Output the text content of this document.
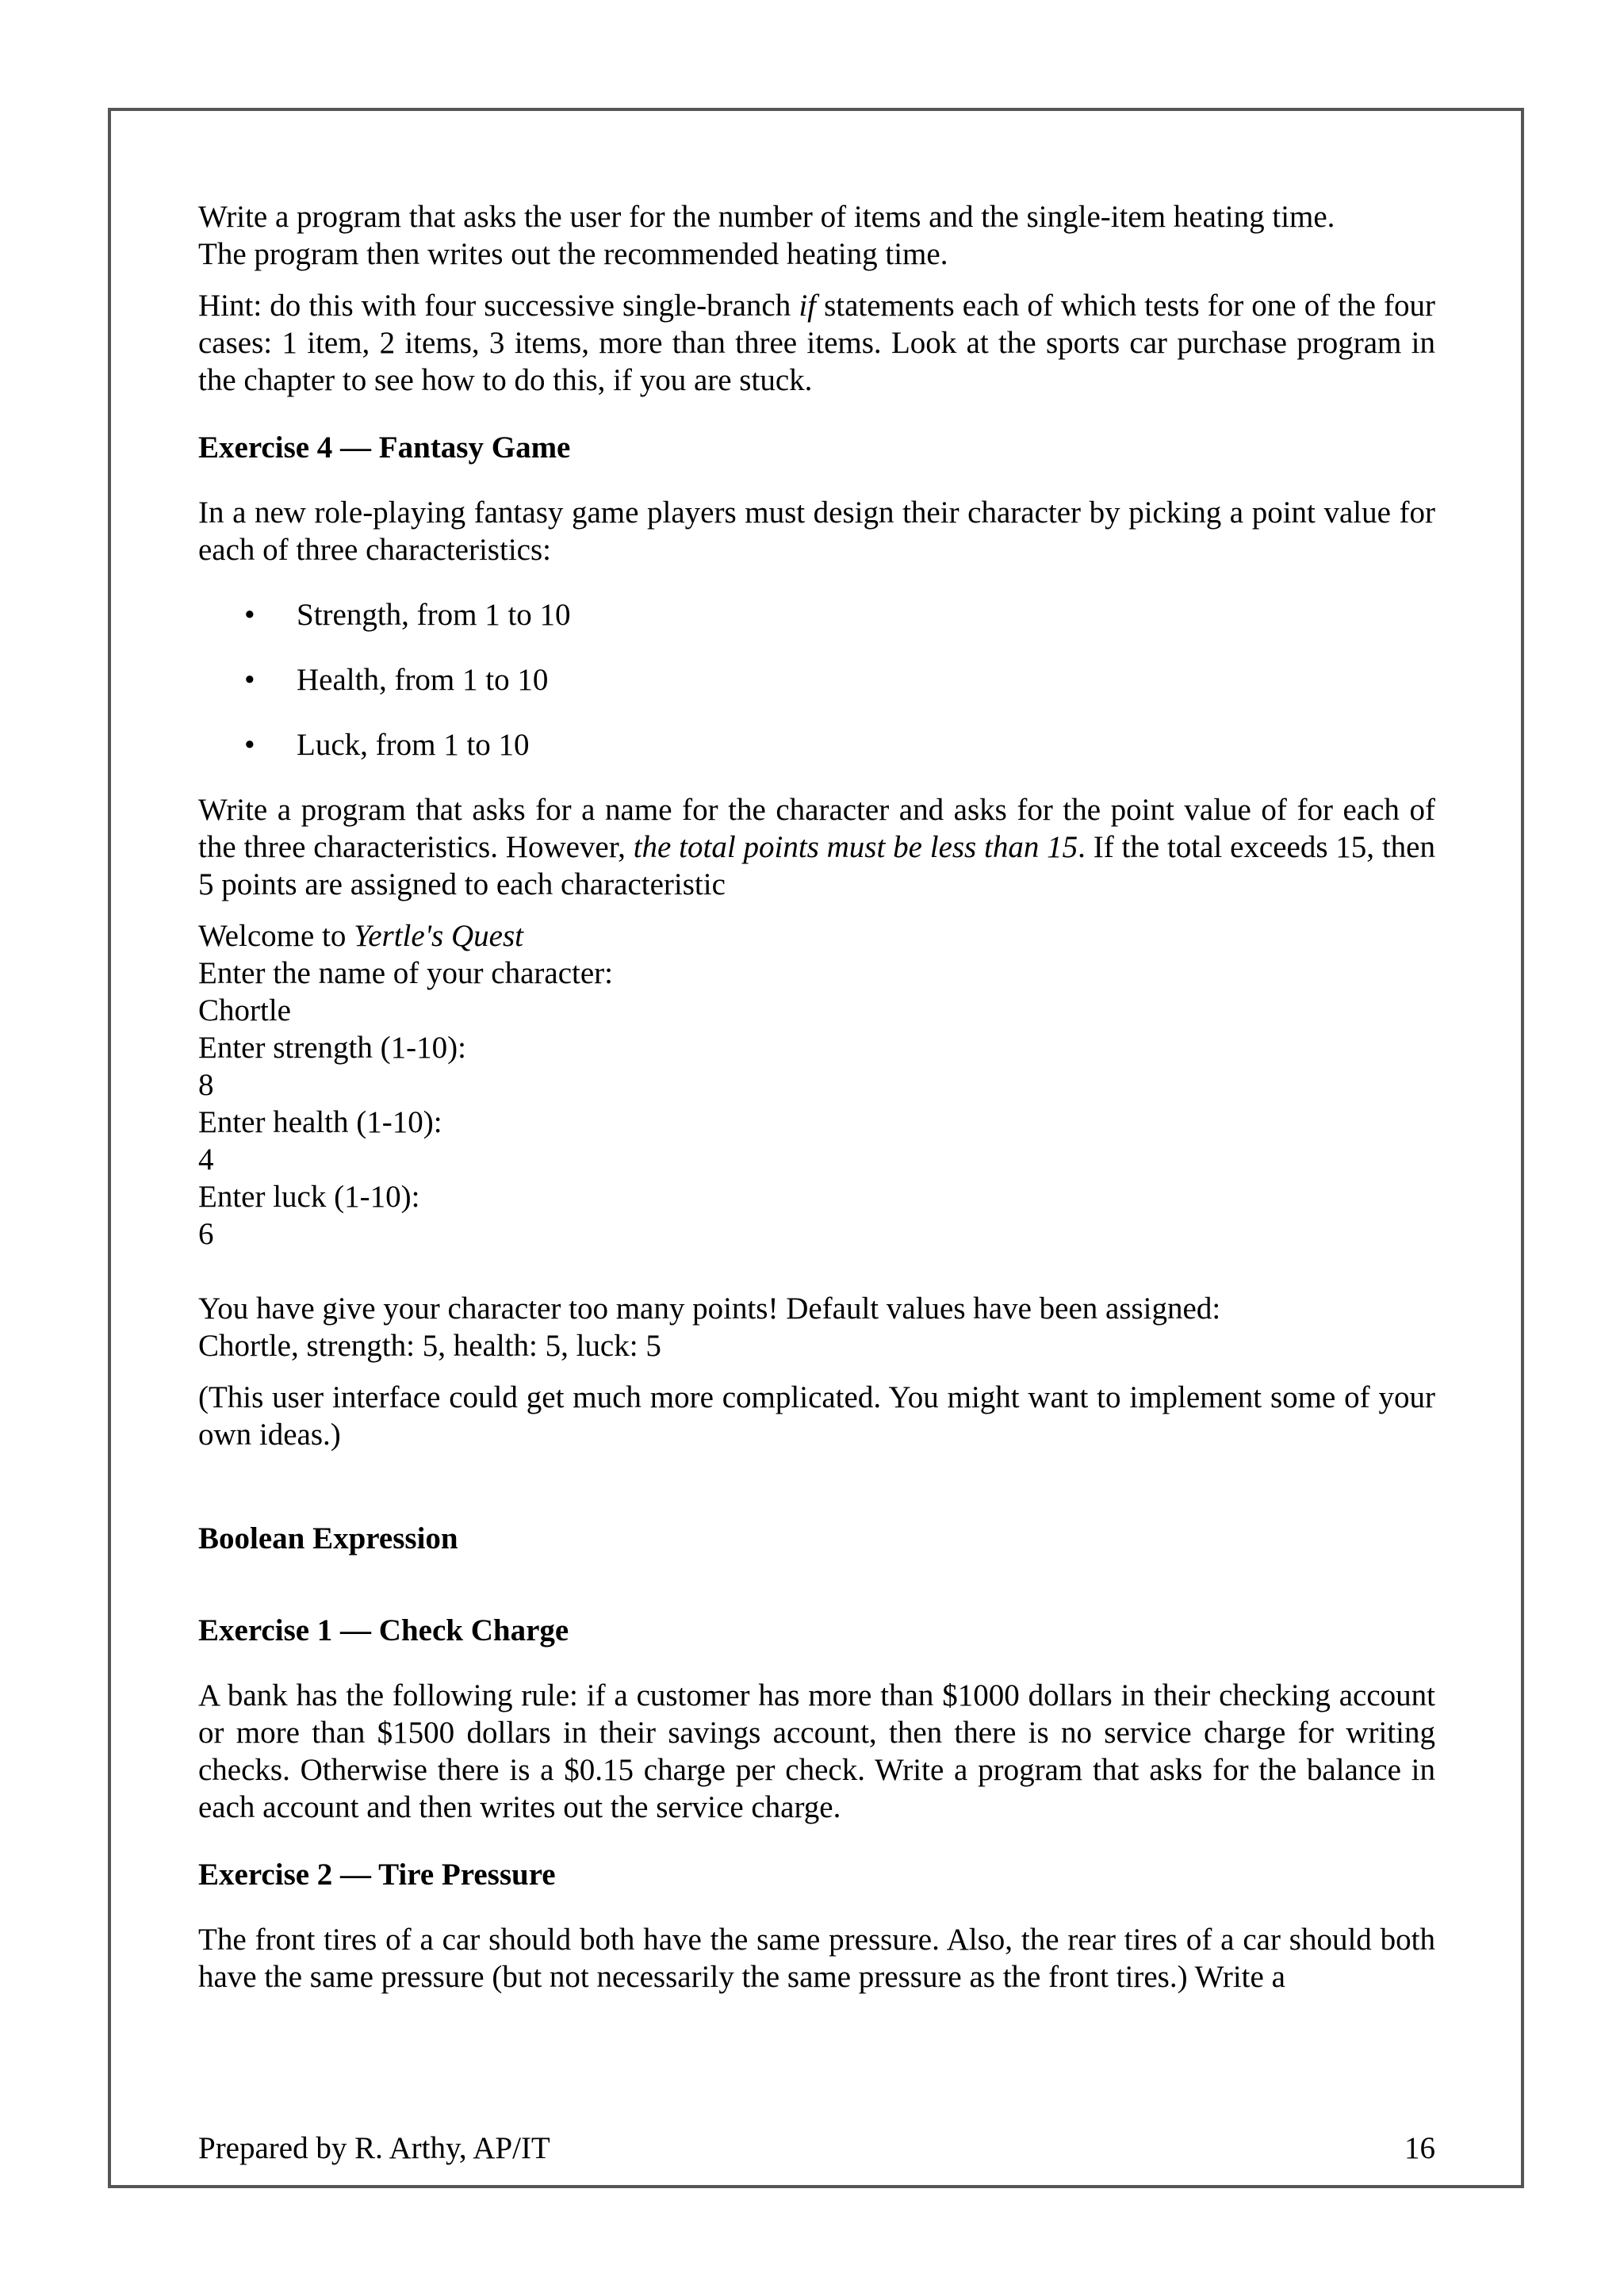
Write a program that asks the user for the number of items and the single-item heating time.

The program then writes out the recommended heating time.

Hint: do this with four successive single-branch if statements each of which tests for one of the four cases: 1 item, 2 items, 3 items, more than three items. Look at the sports car purchase program in the chapter to see how to do this, if you are stuck.

Exercise 4 — Fantasy Game

In a new role-playing fantasy game players must design their character by picking a point value for each of three characteristics:

• Strength, from 1 to 10
• Health, from 1 to 10
• Luck, from 1 to 10

Write a program that asks for a name for the character and asks for the point value of for each of the three characteristics. However, the total points must be less than 15. If the total exceeds 15, then 5 points are assigned to each characteristic

Welcome to Yertle's Quest

Enter the name of your character:

Chortle

Enter strength (1-10):

8

Enter health (1-10):

4

Enter luck (1-10):

6

You have give your character too many points! Default values have been assigned:

Chortle, strength: 5, health: 5, luck: 5

(This user interface could get much more complicated. You might want to implement some of your own ideas.)

Boolean Expression

Exercise 1 — Check Charge

A bank has the following rule: if a customer has more than $1000 dollars in their checking account or more than $1500 dollars in their savings account, then there is no service charge for writing checks. Otherwise there is a $0.15 charge per check. Write a program that asks for the balance in each account and then writes out the service charge.

Exercise 2 — Tire Pressure

The front tires of a car should both have the same pressure. Also, the rear tires of a car should both have the same pressure (but not necessarily the same pressure as the front tires.) Write a

Prepared by R. Arthy, AP/IT	16
